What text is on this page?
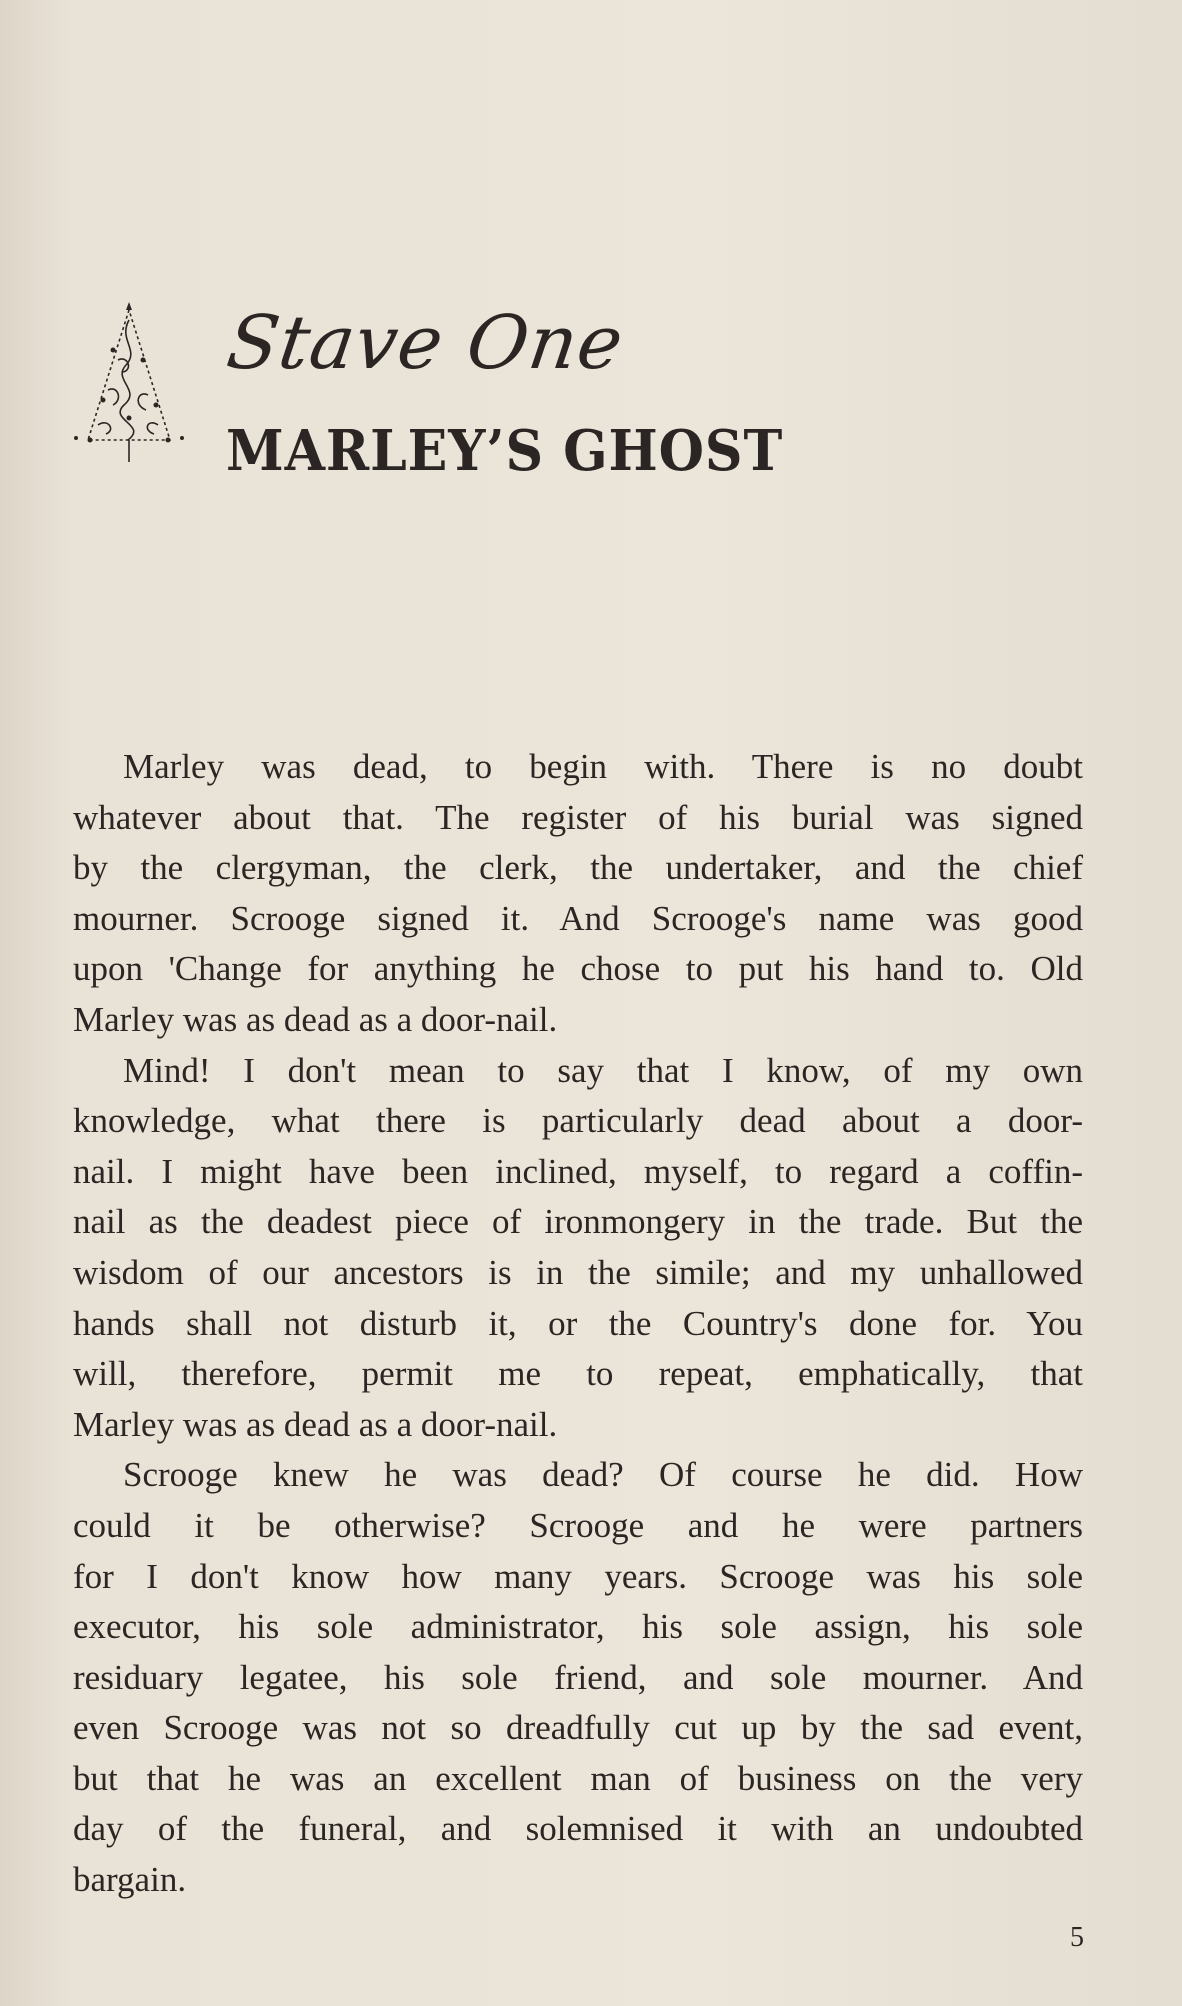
Stave One
MARLEY’S GHOST
Marley was dead, to begin with. There is no doubt
whatever about that. The register of his burial was signed
by the clergyman, the clerk, the undertaker, and the chief
mourner. Scrooge signed it. And Scrooge's name was good
upon 'Change for anything he chose to put his hand to. Old
Marley was as dead as a door-nail.
Mind! I don't mean to say that I know, of my own
knowledge, what there is particularly dead about a door-
nail. I might have been inclined, myself, to regard a coffin-
nail as the deadest piece of ironmongery in the trade. But the
wisdom of our ancestors is in the simile; and my unhallowed
hands shall not disturb it, or the Country's done for. You
will, therefore, permit me to repeat, emphatically, that
Marley was as dead as a door-nail.
Scrooge knew he was dead? Of course he did. How
could it be otherwise? Scrooge and he were partners
for I don't know how many years. Scrooge was his sole
executor, his sole administrator, his sole assign, his sole
residuary legatee, his sole friend, and sole mourner. And
even Scrooge was not so dreadfully cut up by the sad event,
but that he was an excellent man of business on the very
day of the funeral, and solemnised it with an undoubted
bargain.
5
